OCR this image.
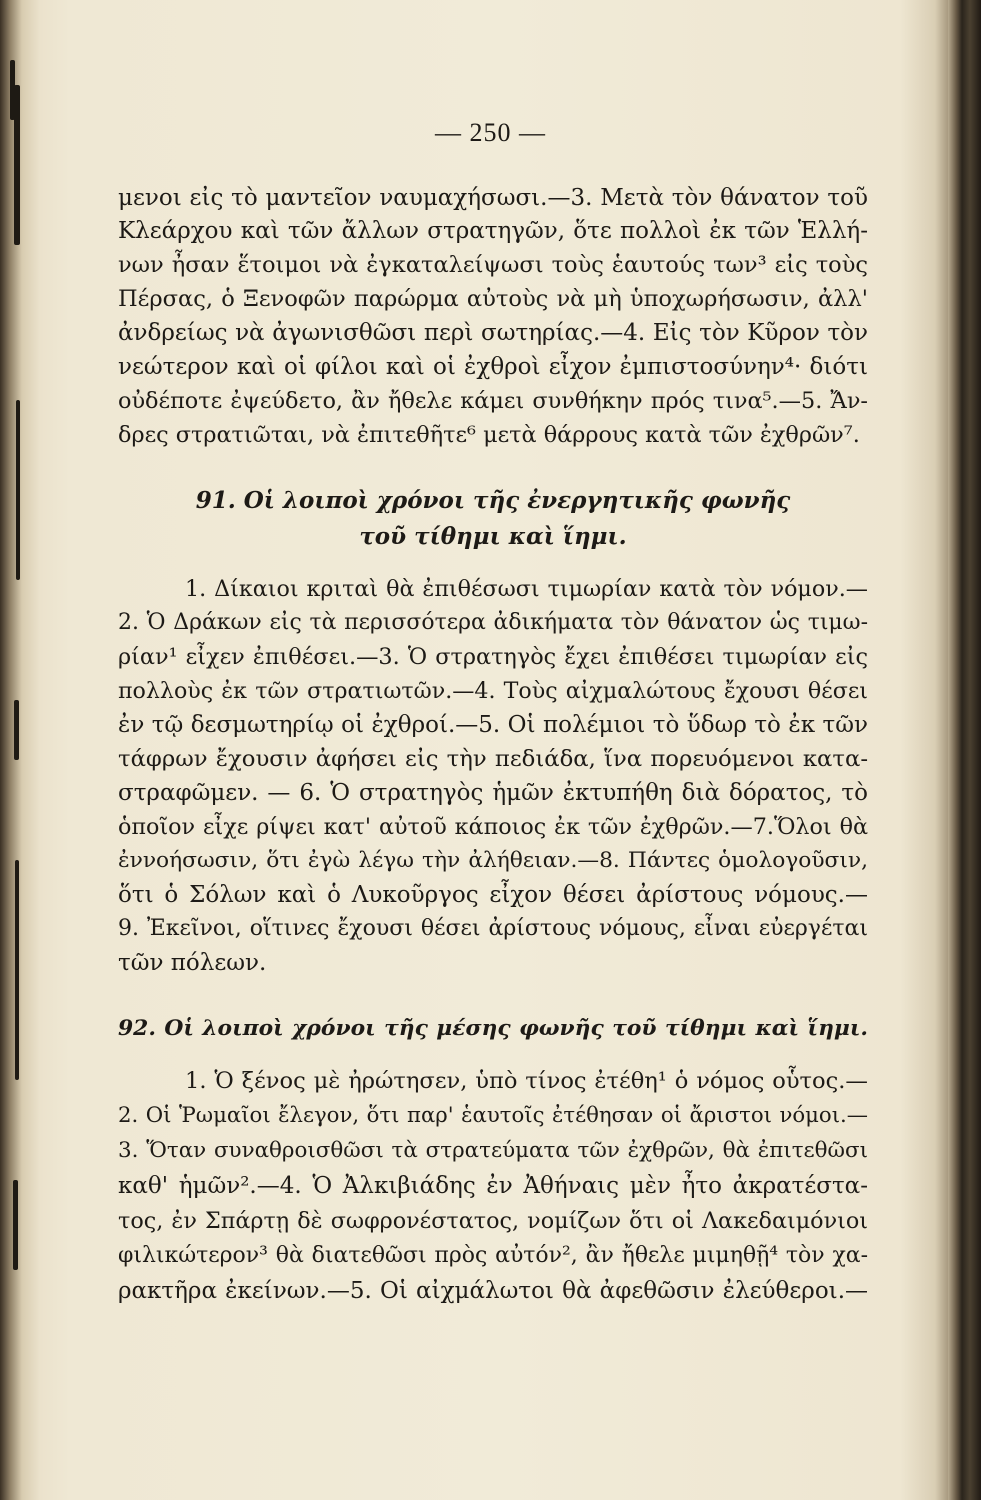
— 250 —
μενοι εἰς τὸ μαντεῖον ναυμαχήσωσι.—3. Μετὰ τὸν θάνατον τοῦ
Κλεάρχου καὶ τῶν ἄλλων στρατηγῶν, ὅτε πολλοὶ ἐκ τῶν Ἑλλή-
νων ἦσαν ἕτοιμοι νὰ ἐγκαταλείψωσι τοὺς ἑαυτούς των³ εἰς τοὺς
Πέρσας, ὁ Ξενοφῶν παρώρμα αὐτοὺς νὰ μὴ ὑποχωρήσωσιν, ἀλλ'
ἀνδρείως νὰ ἀγωνισθῶσι περὶ σωτηρίας.—4. Εἰς τὸν Κῦρον τὸν
νεώτερον καὶ οἱ φίλοι καὶ οἱ ἐχθροὶ εἶχον ἐμπιστοσύνην⁴· διότι
οὐδέποτε ἐψεύδετο, ἂν ἤθελε κάμει συνθήκην πρός τινα⁵.—5. Ἄν-
δρες στρατιῶται, νὰ ἐπιτεθῆτε⁶ μετὰ θάρρους κατὰ τῶν ἐχθρῶν⁷.
91. Οἱ λοιποὶ χρόνοι τῆς ἐνεργητικῆς φωνῆς
τοῦ τίθημι καὶ ἵημι.
1. Δίκαιοι κριταὶ θὰ ἐπιθέσωσι τιμωρίαν κατὰ τὸν νόμον.—
2. Ὁ Δράκων εἰς τὰ περισσότερα ἀδικήματα τὸν θάνατον ὡς τιμω-
ρίαν¹ εἶχεν ἐπιθέσει.—3. Ὁ στρατηγὸς ἔχει ἐπιθέσει τιμωρίαν εἰς
πολλοὺς ἐκ τῶν στρατιωτῶν.—4. Τοὺς αἰχμαλώτους ἔχουσι θέσει
ἐν τῷ δεσμωτηρίῳ οἱ ἐχθροί.—5. Οἱ πολέμιοι τὸ ὕδωρ τὸ ἐκ τῶν
τάφρων ἔχουσιν ἀφήσει εἰς τὴν πεδιάδα, ἵνα πορευόμενοι κατα-
στραφῶμεν. — 6. Ὁ στρατηγὸς ἡμῶν ἐκτυπήθη διὰ δόρατος, τὸ
ὁποῖον εἶχε ρίψει κατ' αὐτοῦ κάποιος ἐκ τῶν ἐχθρῶν.—7.Ὅλοι θὰ
ἐννοήσωσιν, ὅτι ἐγὼ λέγω τὴν ἀλήθειαν.—8. Πάντες ὁμολογοῦσιν,
ὅτι ὁ Σόλων καὶ ὁ Λυκοῦργος εἶχον θέσει ἀρίστους νόμους.—
9. Ἐκεῖνοι, οἵτινες ἔχουσι θέσει ἀρίστους νόμους, εἶναι εὐεργέται
τῶν πόλεων.
92. Οἱ λοιποὶ χρόνοι τῆς μέσης φωνῆς τοῦ τίθημι καὶ ἵημι.
1. Ὁ ξένος μὲ ἠρώτησεν, ὑπὸ τίνος ἐτέθη¹ ὁ νόμος οὗτος.—
2. Οἱ Ῥωμαῖοι ἔλεγον, ὅτι παρ' ἑαυτοῖς ἐτέθησαν οἱ ἄριστοι νόμοι.—
3. Ὅταν συναθροισθῶσι τὰ στρατεύματα τῶν ἐχθρῶν, θὰ ἐπιτεθῶσι
καθ' ἡμῶν².—4. Ὁ Ἀλκιβιάδης ἐν Ἀθήναις μὲν ἦτο ἀκρατέστα-
τος, ἐν Σπάρτῃ δὲ σωφρονέστατος, νομίζων ὅτι οἱ Λακεδαιμόνιοι
φιλικώτερον³ θὰ διατεθῶσι πρὸς αὐτόν², ἂν ἤθελε μιμηθῇ⁴ τὸν χα-
ρακτῆρα ἐκείνων.—5. Οἱ αἰχμάλωτοι θὰ ἀφεθῶσιν ἐλεύθεροι.—
